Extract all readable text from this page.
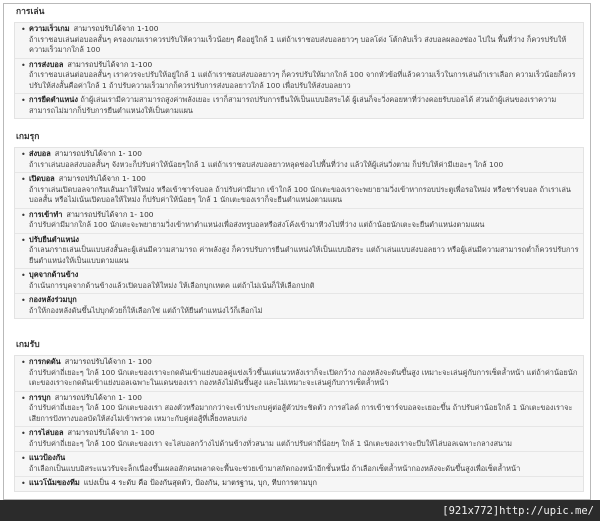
การเล่น
• ความเร็วเกม สามารถปรับได้จาก 1-100
ถ้าเราชอบเล่นต่อบอลสั้นๆ ครองเกมเราควรปรับให้ความเร็วน้อยๆ คืออยู่ใกล้ 1 แต่ถ้าเราชอบส่งบอลยาวๆ บอลโด่ง โต้กลับเร็ว ส่งบอลผลองช่อง ไปใน พื้นที่ว่าง ก็ควรปรับให้ความเร็วมากใกล้ 100
• การส่งบอล สามารถปรับได้จาก 1-100
ถ้าเราชอบเล่นต่อบอลสั้นๆ เราควรจะปรับให้อยู่ใกล้ 1 แต่ถ้าเราชอบส่งบอลยาวๆ ก็ควรปรับให้มากใกล้ 100 จากหัวข้อที่แล้วความเร็วในการเล่นถ้าเราเลือก ความเร็วน้อยก็ควรปรับให้ส่งสั้นคือค่าใกล้ 1 ถ้าปรับความเร็วมากก็ควรปรับการส่งบอลยาวใกล้ 100 เพื่อปรับให้ส่งบอลยาว
• การยืดตำแหน่ง ถ้าผู้เล่นเรามีความสามารถสูงค่าพลังเยอะ เราก็สามารถปรับการยืนให้เป็นแบบอิสระได้ ผู้เล่นก็จะวิ่งคอยหาที่ว่างคอยรับบอลได้ ส่วนถ้าผู้เล่นของเราความสามารถไม่มากก็ปรับการยืนตำแหน่งให้เป็นตามแผน
เกมรุก
• ส่งบอล สามารถปรับได้จาก 1- 100
ถ้าเราเล่นบอลส่งบอลสั้นๆ จังหวะก็ปรับค่าให้น้อยๆใกล้ 1 แต่ถ้าเราชอบส่งบอลยาวหลุดช่องไปพื้นที่ว่าง แล้วให้ผู้เล่นวิ่งตาม ก็ปรับให้ค่ามีเยอะๆ ใกล้ 100
• เปิดบอล สามารถปรับได้จาก 1- 100
ถ้าเราเล่นเปิดบอลจากริมเส้นมาให้ใหม่ง หรือเข้าชาร์จบอล ถ้าปรับค่ามีมาก เข้าใกล้ 100 นักเตะของเราจะพยายามวิ่งเข้าหากรอบประตูเพื่อรอใหม่ง หรือชาร์จบอล ถ้าเราเล่นบอลสั้น หรือไม่เน้นเปิดบอลให้ใหม่ง ก็ปรับค่าให้น้อยๆ ใกล้ 1 นักเตะของเราก็จะยืนตำแหน่งตามแผน
• การเข้าทำ สามารถปรับได้จาก 1- 100
ถ้าปรับค่ามีมากใกล้ 100 นักเตะจะพยายามวิ่งเข้าหาตำแหน่งเพื่อส่งทรูบอลหรือส่งโค้งเข้ามาทีวงไปที่ว่าง แต่ถ้าน้อยนักเตะจะยืนตำแหน่งตามแผน
• ปรับยืนตำแหน่ง
ถ้าเลนกรายเล่นเป็นแบบส่งสั้นละผู้เล่นมีความสามารถ ค่าพลังสูง ก็ควรปรับการยืนตำแหน่งให้เป็นแบบอิสระ แต่ถ้าเล่นแบบส่งบอลยาว หรือผู้เล่นมีความสามารถต่ำก็ควรปรับการยืนตำแหน่งให้เป็นแบบตามแผน
• บุคจากด้านข้าง
ถ้าเน้นการบุคจากด้านข้างแล้วเปิดบอลให้ใหม่ง ให้เลือกบุกเหตค แต่ถ้าไม่เน้นก็ให้เลือกปกติ
• กองหลังร่วมบุก
ถ้าให้กองหลังดันขึ้นไปบุกด้วยก็ให้เลือกใช่ แต่ถ้าให้ยืนตำแหน่งไว้ก็เลือกไม่
เกมรับ
• การกดดัน สามารถปรับได้จาก 1- 100
ถ้าปรับค่าถี่เยอะๆ ใกล้ 100 นักเตะของเราจะกดดันเข้าแย่งบอลคู่แข่งเร็วขึ้นแต่แนวหลังเราก็จะเปิดกว้าง กองหลังจะดันขึ้นสูง เหมาะจะเล่นคู่กับการเซ็ตล้ำหน้า แต่ถ้าค่าน้อยนักเตะของเราจะกดดันเข้าแย่งบอลเฉพาะในแดนของเรา กองหลังไม่ดันขึ้นสูง และไม่เหมาะจะเล่นคู่กับการเซ็ตล้ำหน้า
• การบุก สามารถปรับได้จาก 1- 100
ถ้าปรับค่าถี่เยอะๆ ใกล้ 100 นักเตะของเรา สองตัวหรือมากกว่าจะเข้าประกบคู่ต่อสู้ตัวประชิดตัว การสไลด์ การเข้าชาร์จบอลจะเยอะขึ้น ถ้าปรับค่าน้อยใกล้ 1 นักเตะของเราจะเสียการปังทางบอลบัดให้ส่งไม่เข้าพรวด เหมาะกับคู่ต่อสู้ที่เลี้ยงหลบเก่ง
• การไล่บอล สามารถปรับได้จาก 1- 100
ถ้าปรับค่าถี่เยอะๆ ใกล้ 100 นักเตะของเรา จะไล่บอลกว้างไปด้านข้างทั่วสนาม แต่ถ้าปรับค่าถี่น้อยๆ ใกล้ 1 นักเตะของเราจะบีบให้ไล่บอลเฉพาะกลางสนาม
• แนวป้องกัน
ถ้าเลือกเป็นแบบอิสระแนวรับจะล็กเนื่องขึ้นเผลอสักคนพลาดจะพื้นจะช่วยเข้ามาสกัดกองหน้าอีกชั้นหนึ่ง ถ้าเลือกเซ็ตล้ำหน้ากองหลังจะดันขึ้นสูงเพื่อเซ็ตล้ำหน้า
• แนวโน้มของทีม แบ่งเป็น 4 ระดับ คือ ป้องกันสุดตัว, ป้องกัน, มาตรฐาน, บุก, ทีบการตามบุก
[921x772]http://upic.me/
